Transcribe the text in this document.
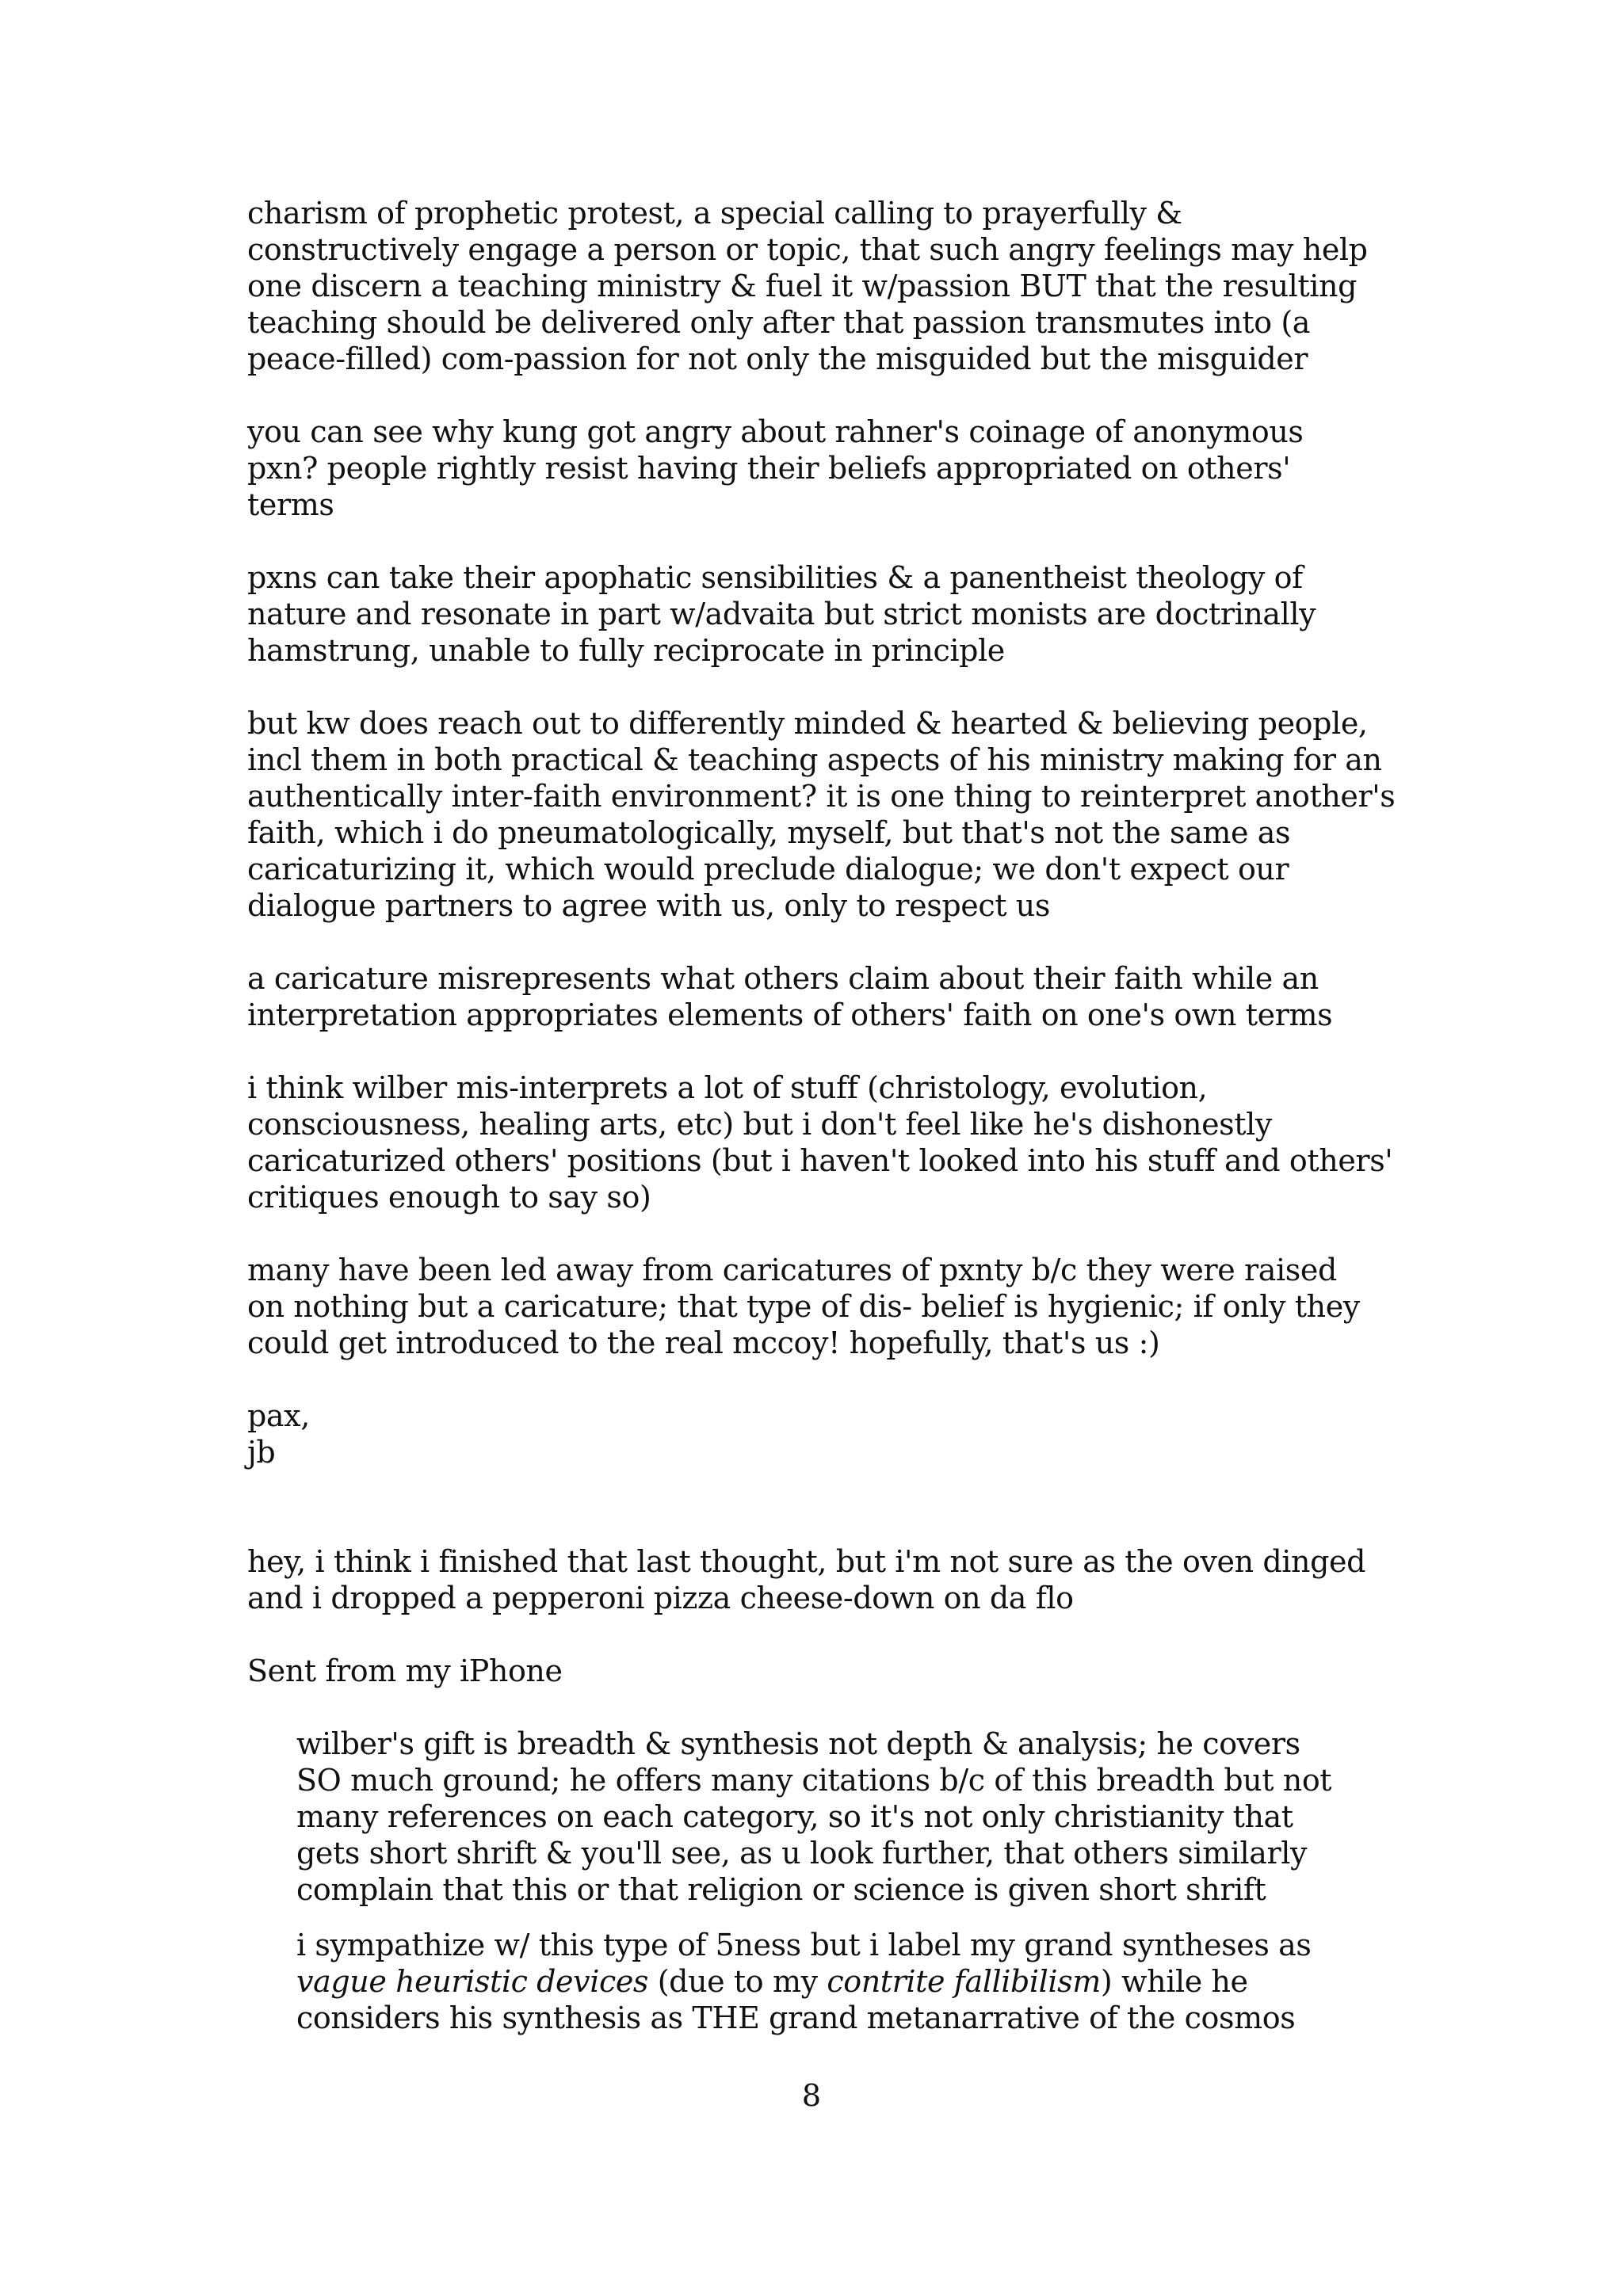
charism of prophetic protest, a special calling to prayerfully &
constructively engage a person or topic, that such angry feelings may help
one discern a teaching ministry & fuel it w/passion BUT that the resulting
teaching should be delivered only after that passion transmutes into (a
peace-filled) com-passion for not only the misguided but the misguider

you can see why kung got angry about rahner's coinage of anonymous
pxn? people rightly resist having their beliefs appropriated on others'
terms

pxns can take their apophatic sensibilities & a panentheist theology of
nature and resonate in part w/advaita but strict monists are doctrinally
hamstrung, unable to fully reciprocate in principle

but kw does reach out to differently minded & hearted & believing people,
incl them in both practical & teaching aspects of his ministry making for an
authentically inter-faith environment? it is one thing to reinterpret another's
faith, which i do pneumatologically, myself, but that's not the same as
caricaturizing it, which would preclude dialogue; we don't expect our
dialogue partners to agree with us, only to respect us

a caricature misrepresents what others claim about their faith while an
interpretation appropriates elements of others' faith on one's own terms

i think wilber mis-interprets a lot of stuff (christology, evolution,
consciousness, healing arts, etc) but i don't feel like he's dishonestly
caricaturized others' positions (but i haven't looked into his stuff and others'
critiques enough to say so)

many have been led away from caricatures of pxnty b/c they were raised
on nothing but a caricature; that type of dis- belief is hygienic; if only they
could get introduced to the real mccoy! hopefully, that's us :)

pax,
jb

hey, i think i finished that last thought, but i'm not sure as the oven dinged
and i dropped a pepperoni pizza cheese-down on da flo

Sent from my iPhone

wilber's gift is breadth & synthesis not depth & analysis; he covers
SO much ground; he offers many citations b/c of this breadth but not
many references on each category, so it's not only christianity that
gets short shrift & you'll see, as u look further, that others similarly
complain that this or that religion or science is given short shrift

i sympathize w/ this type of 5ness but i label my grand syntheses as
vague heuristic devices (due to my contrite fallibilism) while he
considers his synthesis as THE grand metanarrative of the cosmos

8
